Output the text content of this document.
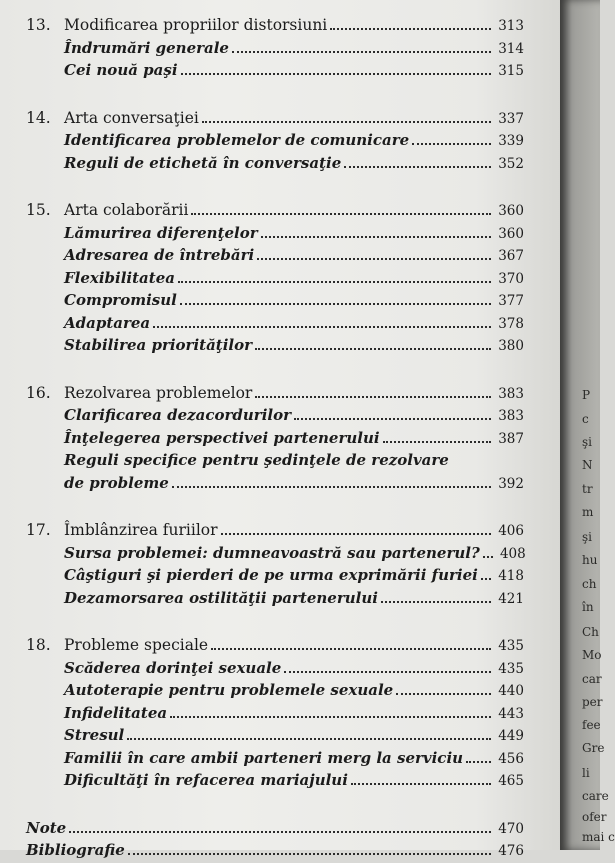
13. Modificarea propriilor distorsiuni	313
Îndrumări generale	314
Cei nouă paşi	315
14. Arta conversaţiei	337
Identificarea problemelor de comunicare	339
Reguli de etichetă în conversaţie	352
15. Arta colaborării	360
Lămurirea diferenţelor	360
Adresarea de întrebări	367
Flexibilitatea	370
Compromisul	377
Adaptarea	378
Stabilirea priorităţilor	380
16. Rezolvarea problemelor	383
Clarificarea dezacordurilor	383
Înţelegerea perspectivei partenerului	387
Reguli specifice pentru şedinţele de rezolvare
de probleme	392
17. Îmblânzirea furiilor	406
Sursa problemei: dumneavoastră sau partenerul?	408
Câştiguri şi pierderi de pe urma exprimării furiei	418
Dezamorsarea ostilităţii partenerului	421
18. Probleme speciale	435
Scăderea dorinţei sexuale	435
Autoterapie pentru problemele sexuale	440
Infidelitatea	443
Stresul	449
Familii în care ambii parteneri merg la serviciu	456
Dificultăţi în refacerea mariajului	465
Note	470
Bibliografie	476
P
c
şi
N
tr
m
şi
hu
ch
în
Ch
Mo
car
per
fee
Gre
li
care
ofer
mai c
